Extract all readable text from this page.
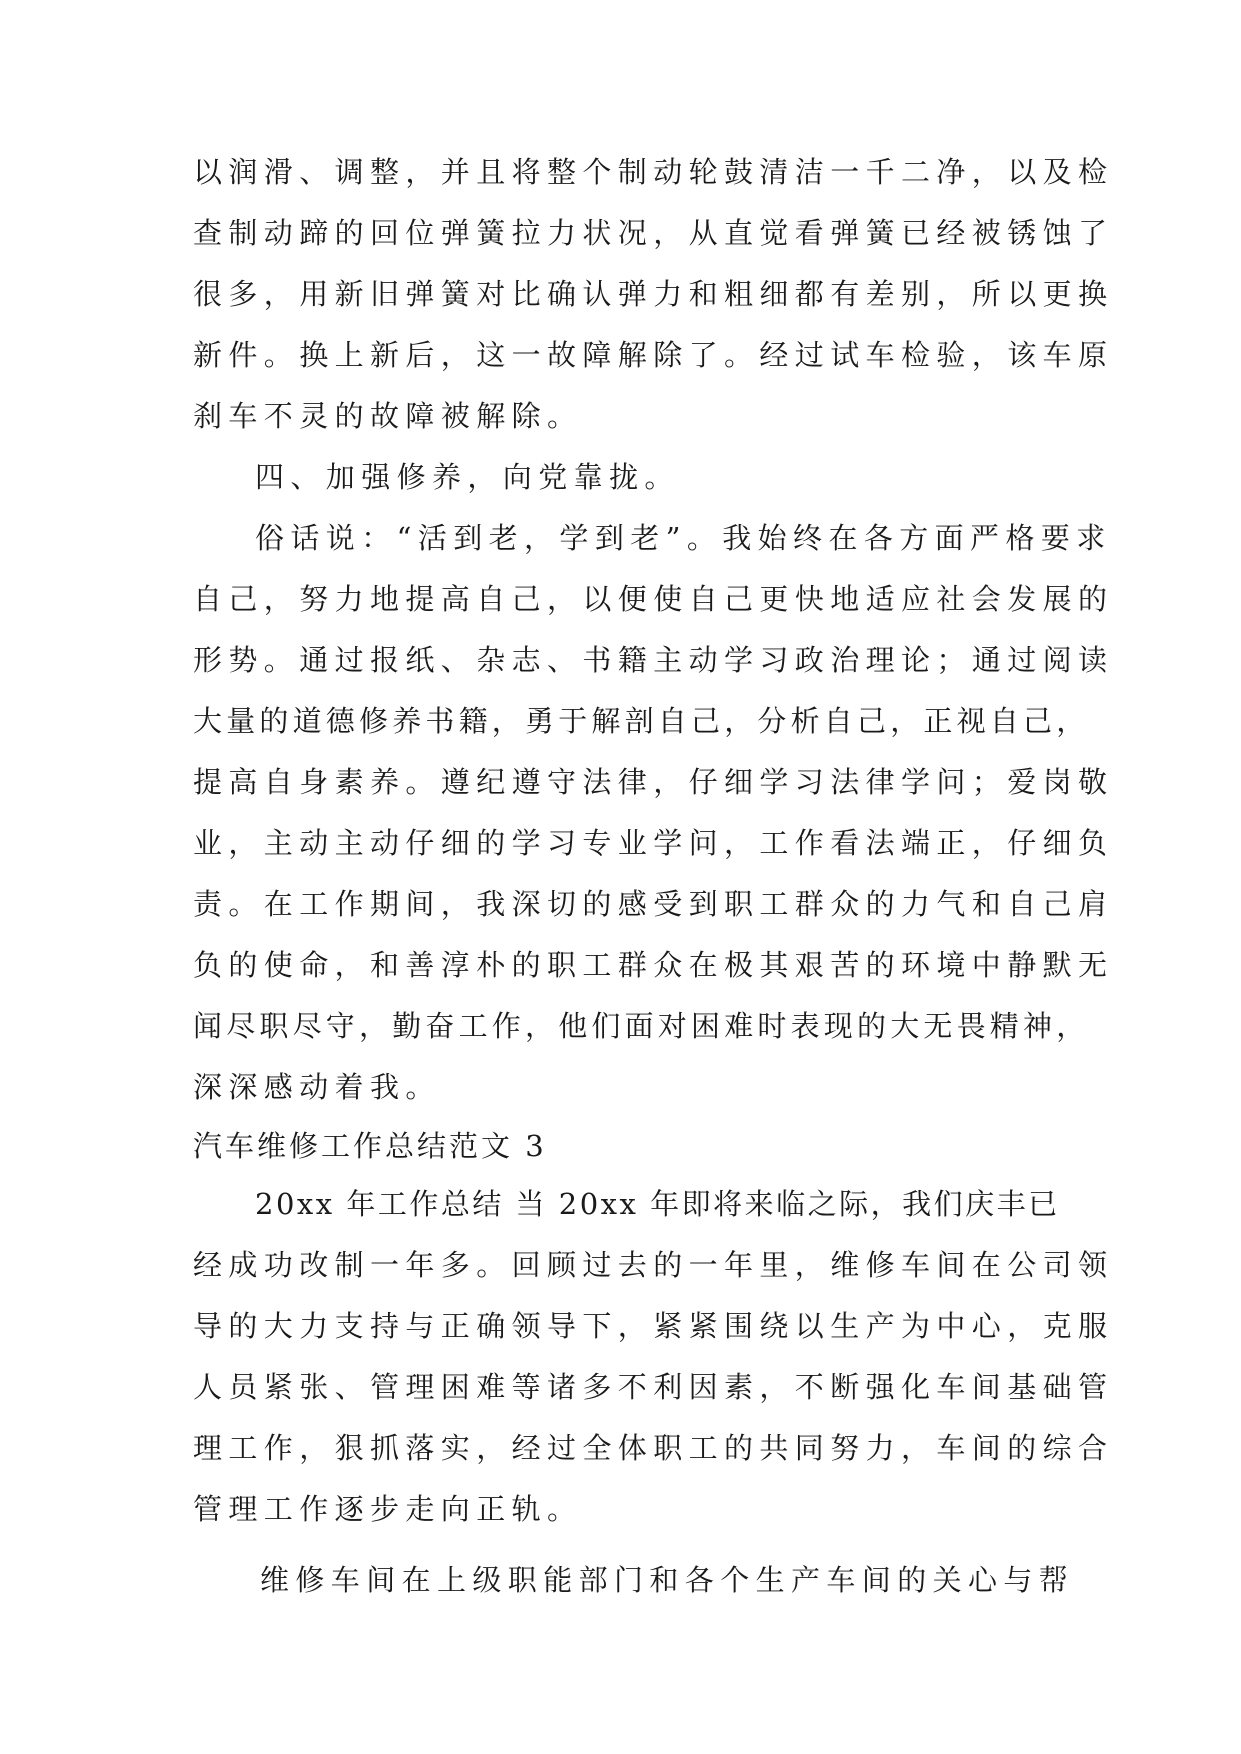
以润滑、调整，并且将整个制动轮鼓清洁一千二净，以及检
查制动蹄的回位弹簧拉力状况，从直觉看弹簧已经被锈蚀了
很多，用新旧弹簧对比确认弹力和粗细都有差别，所以更换
新件。换上新后，这一故障解除了。经过试车检验，该车原
刹车不灵的故障被解除。
四、加强修养，向党靠拢。
俗话说：“活到老，学到老”。我始终在各方面严格要求
自己，努力地提高自己，以便使自己更快地适应社会发展的
形势。通过报纸、杂志、书籍主动学习政治理论；通过阅读
大量的道德修养书籍，勇于解剖自己，分析自己，正视自己，
提高自身素养。遵纪遵守法律，仔细学习法律学问；爱岗敬
业，主动主动仔细的学习专业学问，工作看法端正，仔细负
责。在工作期间，我深切的感受到职工群众的力气和自己肩
负的使命，和善淳朴的职工群众在极其艰苦的环境中静默无
闻尽职尽守，勤奋工作，他们面对困难时表现的大无畏精神，
深深感动着我。
汽车维修工作总结范文 3
20xx 年工作总结 当 20xx 年即将来临之际，我们庆丰已
经成功改制一年多。回顾过去的一年里，维修车间在公司领
导的大力支持与正确领导下，紧紧围绕以生产为中心，克服
人员紧张、管理困难等诸多不利因素，不断强化车间基础管
理工作，狠抓落实，经过全体职工的共同努力，车间的综合
管理工作逐步走向正轨。
维修车间在上级职能部门和各个生产车间的关心与帮
